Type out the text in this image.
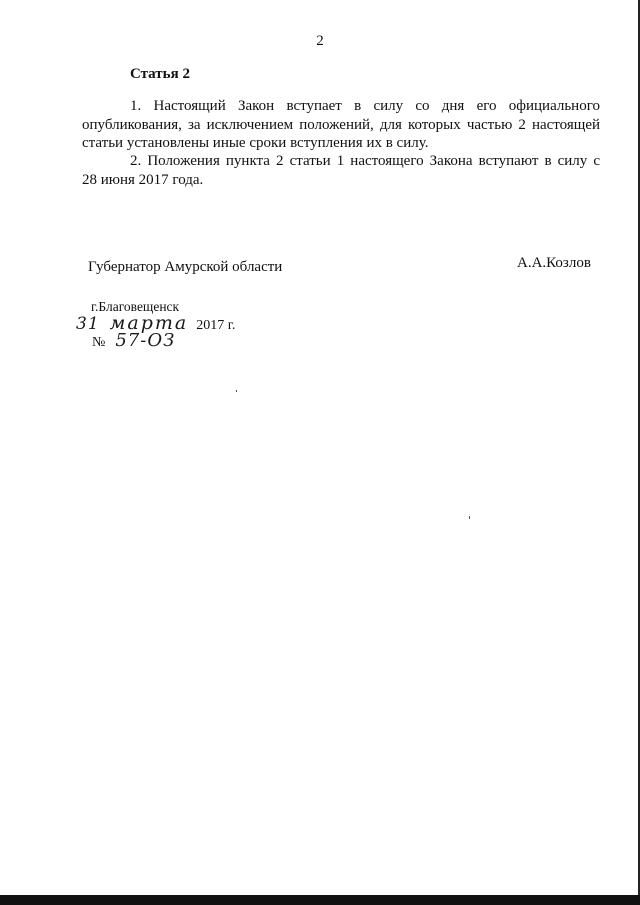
2
Статья 2
1. Настоящий Закон вступает в силу со дня его официального
опубликования, за исключением положений, для которых частью 2 настоящей
статьи установлены иные сроки вступления их в силу.
2. Положения пункта 2 статьи 1 настоящего Закона вступают в силу с
28 июня 2017 года.
Губернатор Амурской области	А.А.Козлов
г.Благовещенск
31 марта 2017 г.
№ 57-ОЗ
